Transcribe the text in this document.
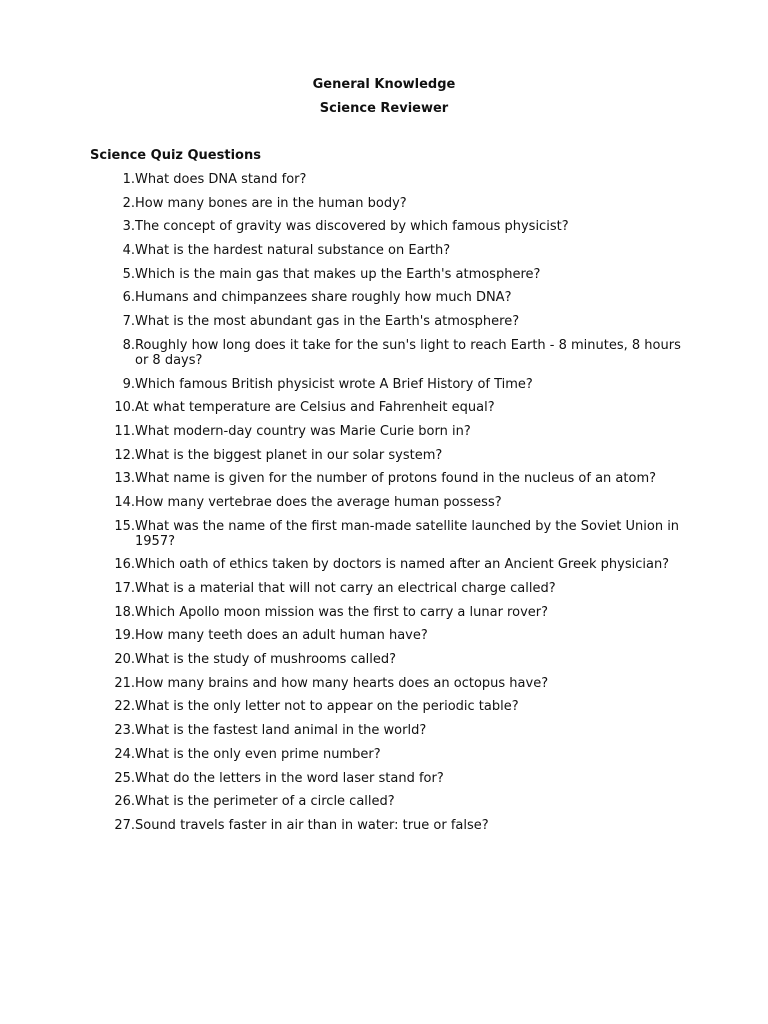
General Knowledge
Science Reviewer
Science Quiz Questions
1. What does DNA stand for?
2. How many bones are in the human body?
3. The concept of gravity was discovered by which famous physicist?
4. What is the hardest natural substance on Earth?
5. Which is the main gas that makes up the Earth's atmosphere?
6. Humans and chimpanzees share roughly how much DNA?
7. What is the most abundant gas in the Earth's atmosphere?
8. Roughly how long does it take for the sun's light to reach Earth - 8 minutes, 8 hours or 8 days?
9. Which famous British physicist wrote A Brief History of Time?
10. At what temperature are Celsius and Fahrenheit equal?
11. What modern-day country was Marie Curie born in?
12. What is the biggest planet in our solar system?
13. What name is given for the number of protons found in the nucleus of an atom?
14. How many vertebrae does the average human possess?
15. What was the name of the first man-made satellite launched by the Soviet Union in 1957?
16. Which oath of ethics taken by doctors is named after an Ancient Greek physician?
17. What is a material that will not carry an electrical charge called?
18. Which Apollo moon mission was the first to carry a lunar rover?
19. How many teeth does an adult human have?
20. What is the study of mushrooms called?
21. How many brains and how many hearts does an octopus have?
22. What is the only letter not to appear on the periodic table?
23. What is the fastest land animal in the world?
24. What is the only even prime number?
25. What do the letters in the word laser stand for?
26. What is the perimeter of a circle called?
27. Sound travels faster in air than in water: true or false?
